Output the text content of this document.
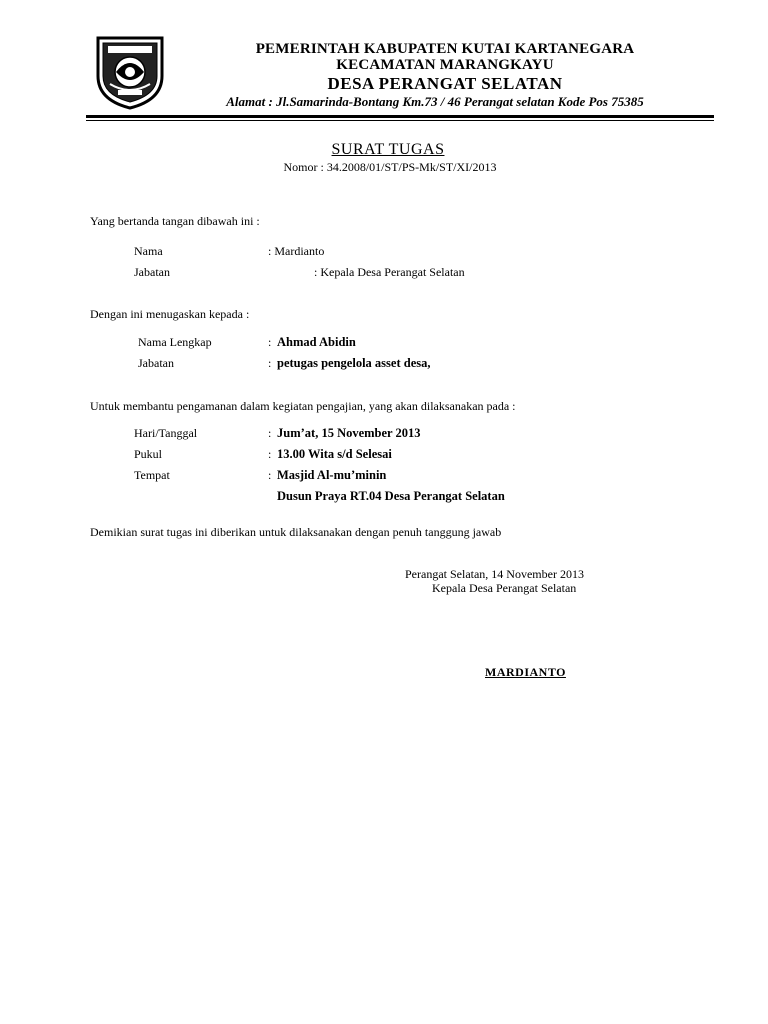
PEMERINTAH KABUPATEN KUTAI KARTANEGARA
KECAMATAN MARANGKAYU
DESA PERANGAT SELATAN
Alamat : Jl.Samarinda-Bontang Km.73 / 46 Perangat selatan Kode Pos 75385
SURAT TUGAS
Nomor : 34.2008/01/ST/PS-Mk/ST/XI/2013
Yang bertanda tangan dibawah ini :
Nama	: Mardianto
Jabatan	: Kepala Desa Perangat Selatan
Dengan ini menugaskan kepada :
Nama Lengkap	: Ahmad Abidin
Jabatan	: petugas pengelola asset desa,
Untuk membantu pengamanan dalam kegiatan pengajian, yang akan dilaksanakan pada :
Hari/Tanggal	: Jum’at, 15 November 2013
Pukul	: 13.00 Wita s/d Selesai
Tempat	: Masjid Al-mu’minin
Dusun Praya RT.04 Desa Perangat Selatan
Demikian surat tugas ini diberikan untuk dilaksanakan dengan penuh tanggung jawab
Perangat Selatan, 14 November 2013
Kepala Desa Perangat Selatan
MARDIANTO
